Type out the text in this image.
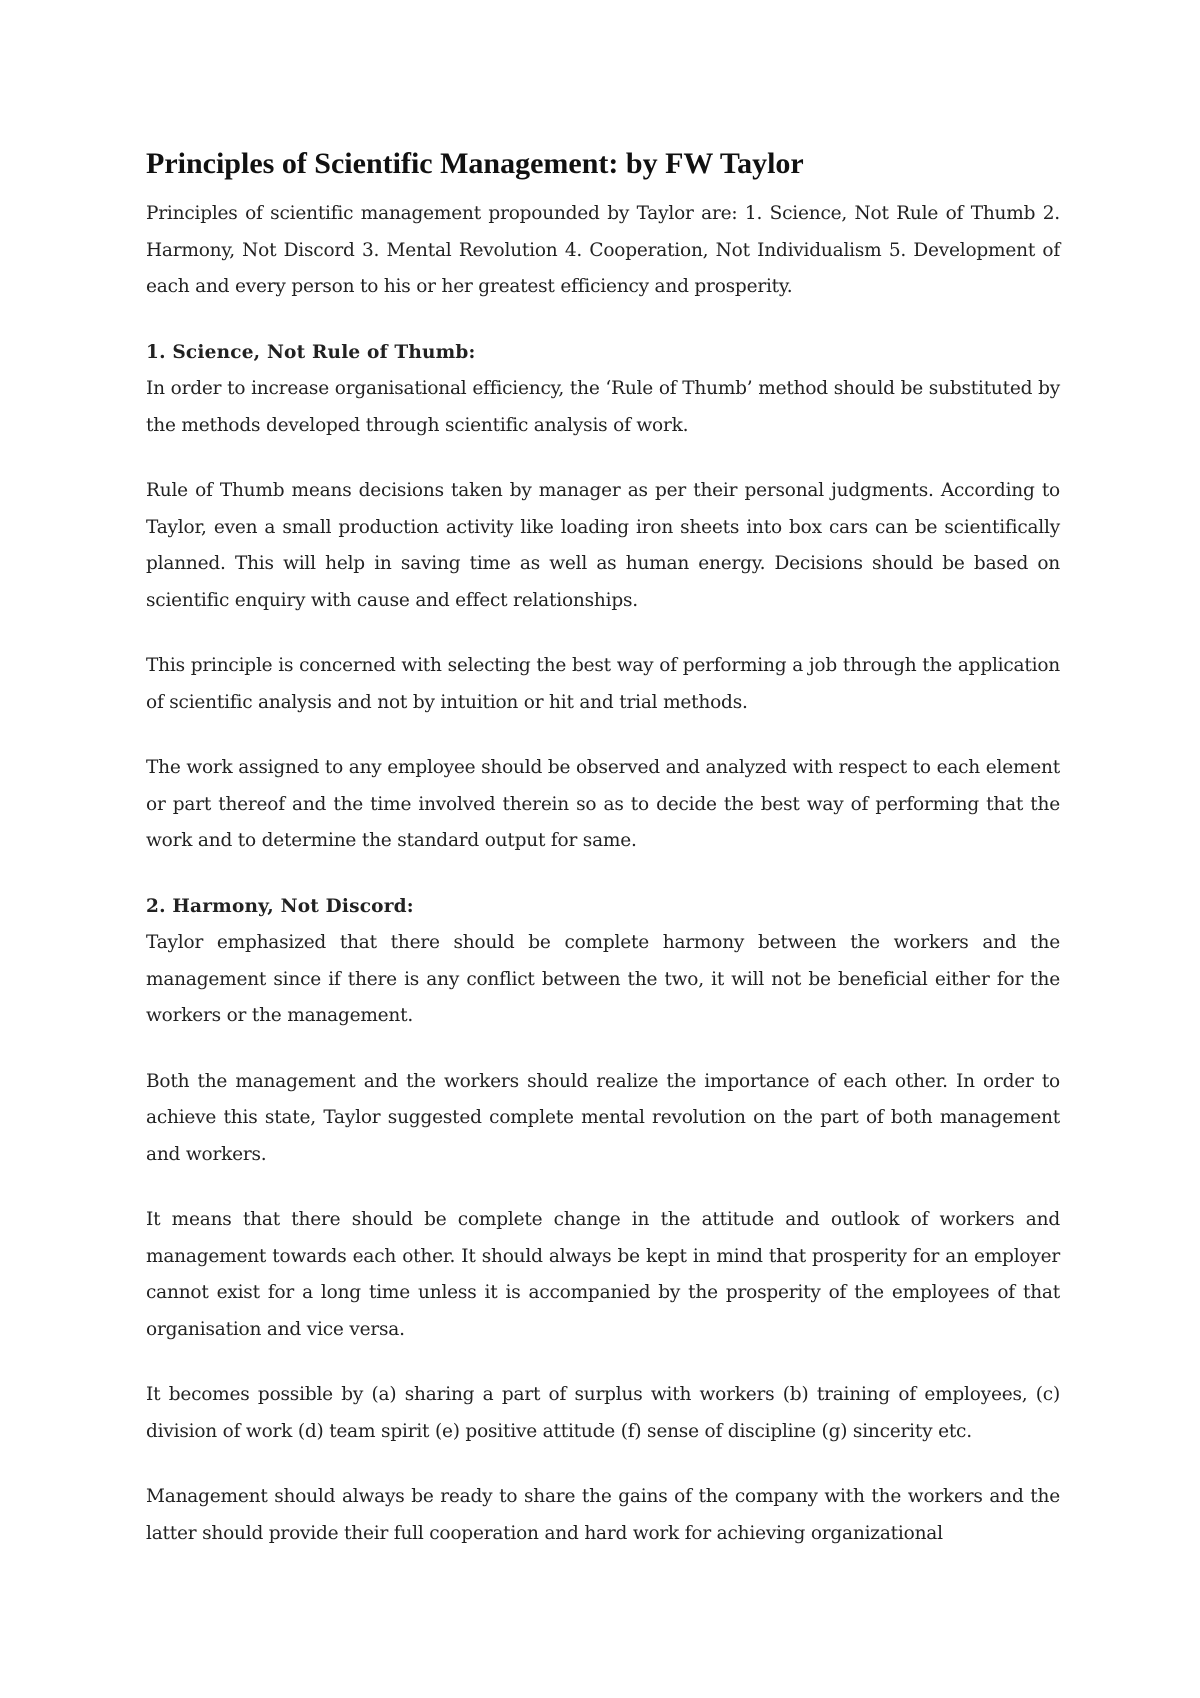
Principles of Scientific Management: by FW Taylor

Principles of scientific management propounded by Taylor are: 1. Science, Not Rule of Thumb 2. Harmony, Not Discord 3. Mental Revolution 4. Cooperation, Not Individualism 5. Development of each and every person to his or her greatest efficiency and prosperity.

1. Science, Not Rule of Thumb:

In order to increase organisational efficiency, the ‘Rule of Thumb’ method should be substituted by the methods developed through scientific analysis of work.

Rule of Thumb means decisions taken by manager as per their personal judgments. According to Taylor, even a small production activity like loading iron sheets into box cars can be scientifically planned. This will help in saving time as well as human energy. Decisions should be based on scientific enquiry with cause and effect relationships.

This principle is concerned with selecting the best way of performing a job through the application of scientific analysis and not by intuition or hit and trial methods.

The work assigned to any employee should be observed and analyzed with respect to each element or part thereof and the time involved therein so as to decide the best way of performing that the work and to determine the standard output for same.

2. Harmony, Not Discord:

Taylor emphasized that there should be complete harmony between the workers and the management since if there is any conflict between the two, it will not be beneficial either for the workers or the management.

Both the management and the workers should realize the importance of each other. In order to achieve this state, Taylor suggested complete mental revolution on the part of both management and workers.

It means that there should be complete change in the attitude and outlook of workers and management towards each other. It should always be kept in mind that prosperity for an employer cannot exist for a long time unless it is accompanied by the prosperity of the employees of that organisation and vice versa.

It becomes possible by (a) sharing a part of surplus with workers (b) training of employees, (c) division of work (d) team spirit (e) positive attitude (f) sense of discipline (g) sincerity etc.

Management should always be ready to share the gains of the company with the workers and the latter should provide their full cooperation and hard work for achieving organizational
